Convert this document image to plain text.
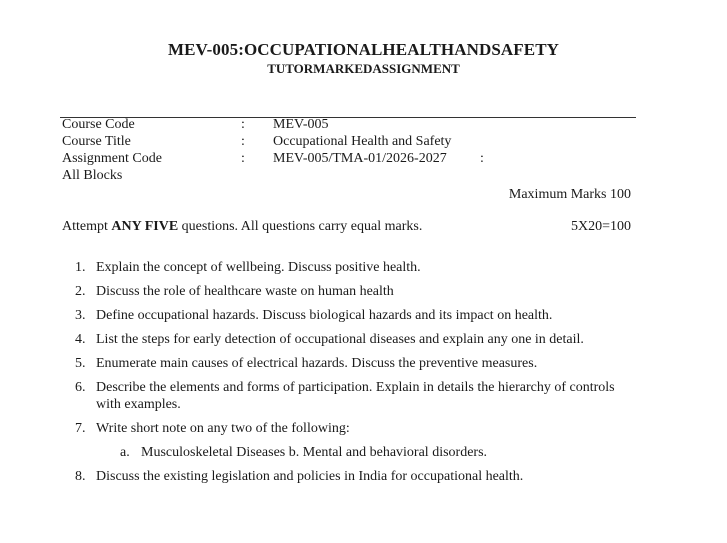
MEV-005:OCCUPATIONALHEALTHANDSAFETY
TUTORMARKEDASSIGNMENT
Course Code	: MEV-005
Course Title	: Occupational Health and Safety
Assignment Code	: MEV-005/TMA-01/2026-2027 :
All Blocks
Maximum Marks 100
Attempt ANY FIVE questions. All questions carry equal marks.	5X20=100
1. Explain the concept of wellbeing. Discuss positive health.
2. Discuss the role of healthcare waste on human health
3. Define occupational hazards. Discuss biological hazards and its impact on health.
4. List the steps for early detection of occupational diseases and explain any one in detail.
5. Enumerate main causes of electrical hazards. Discuss the preventive measures.
6. Describe the elements and forms of participation. Explain in details the hierarchy of controls
with examples.
7. Write short note on any two of the following:
a. Musculoskeletal Diseases b. Mental and behavioral disorders.
8. Discuss the existing legislation and policies in India for occupational health.
